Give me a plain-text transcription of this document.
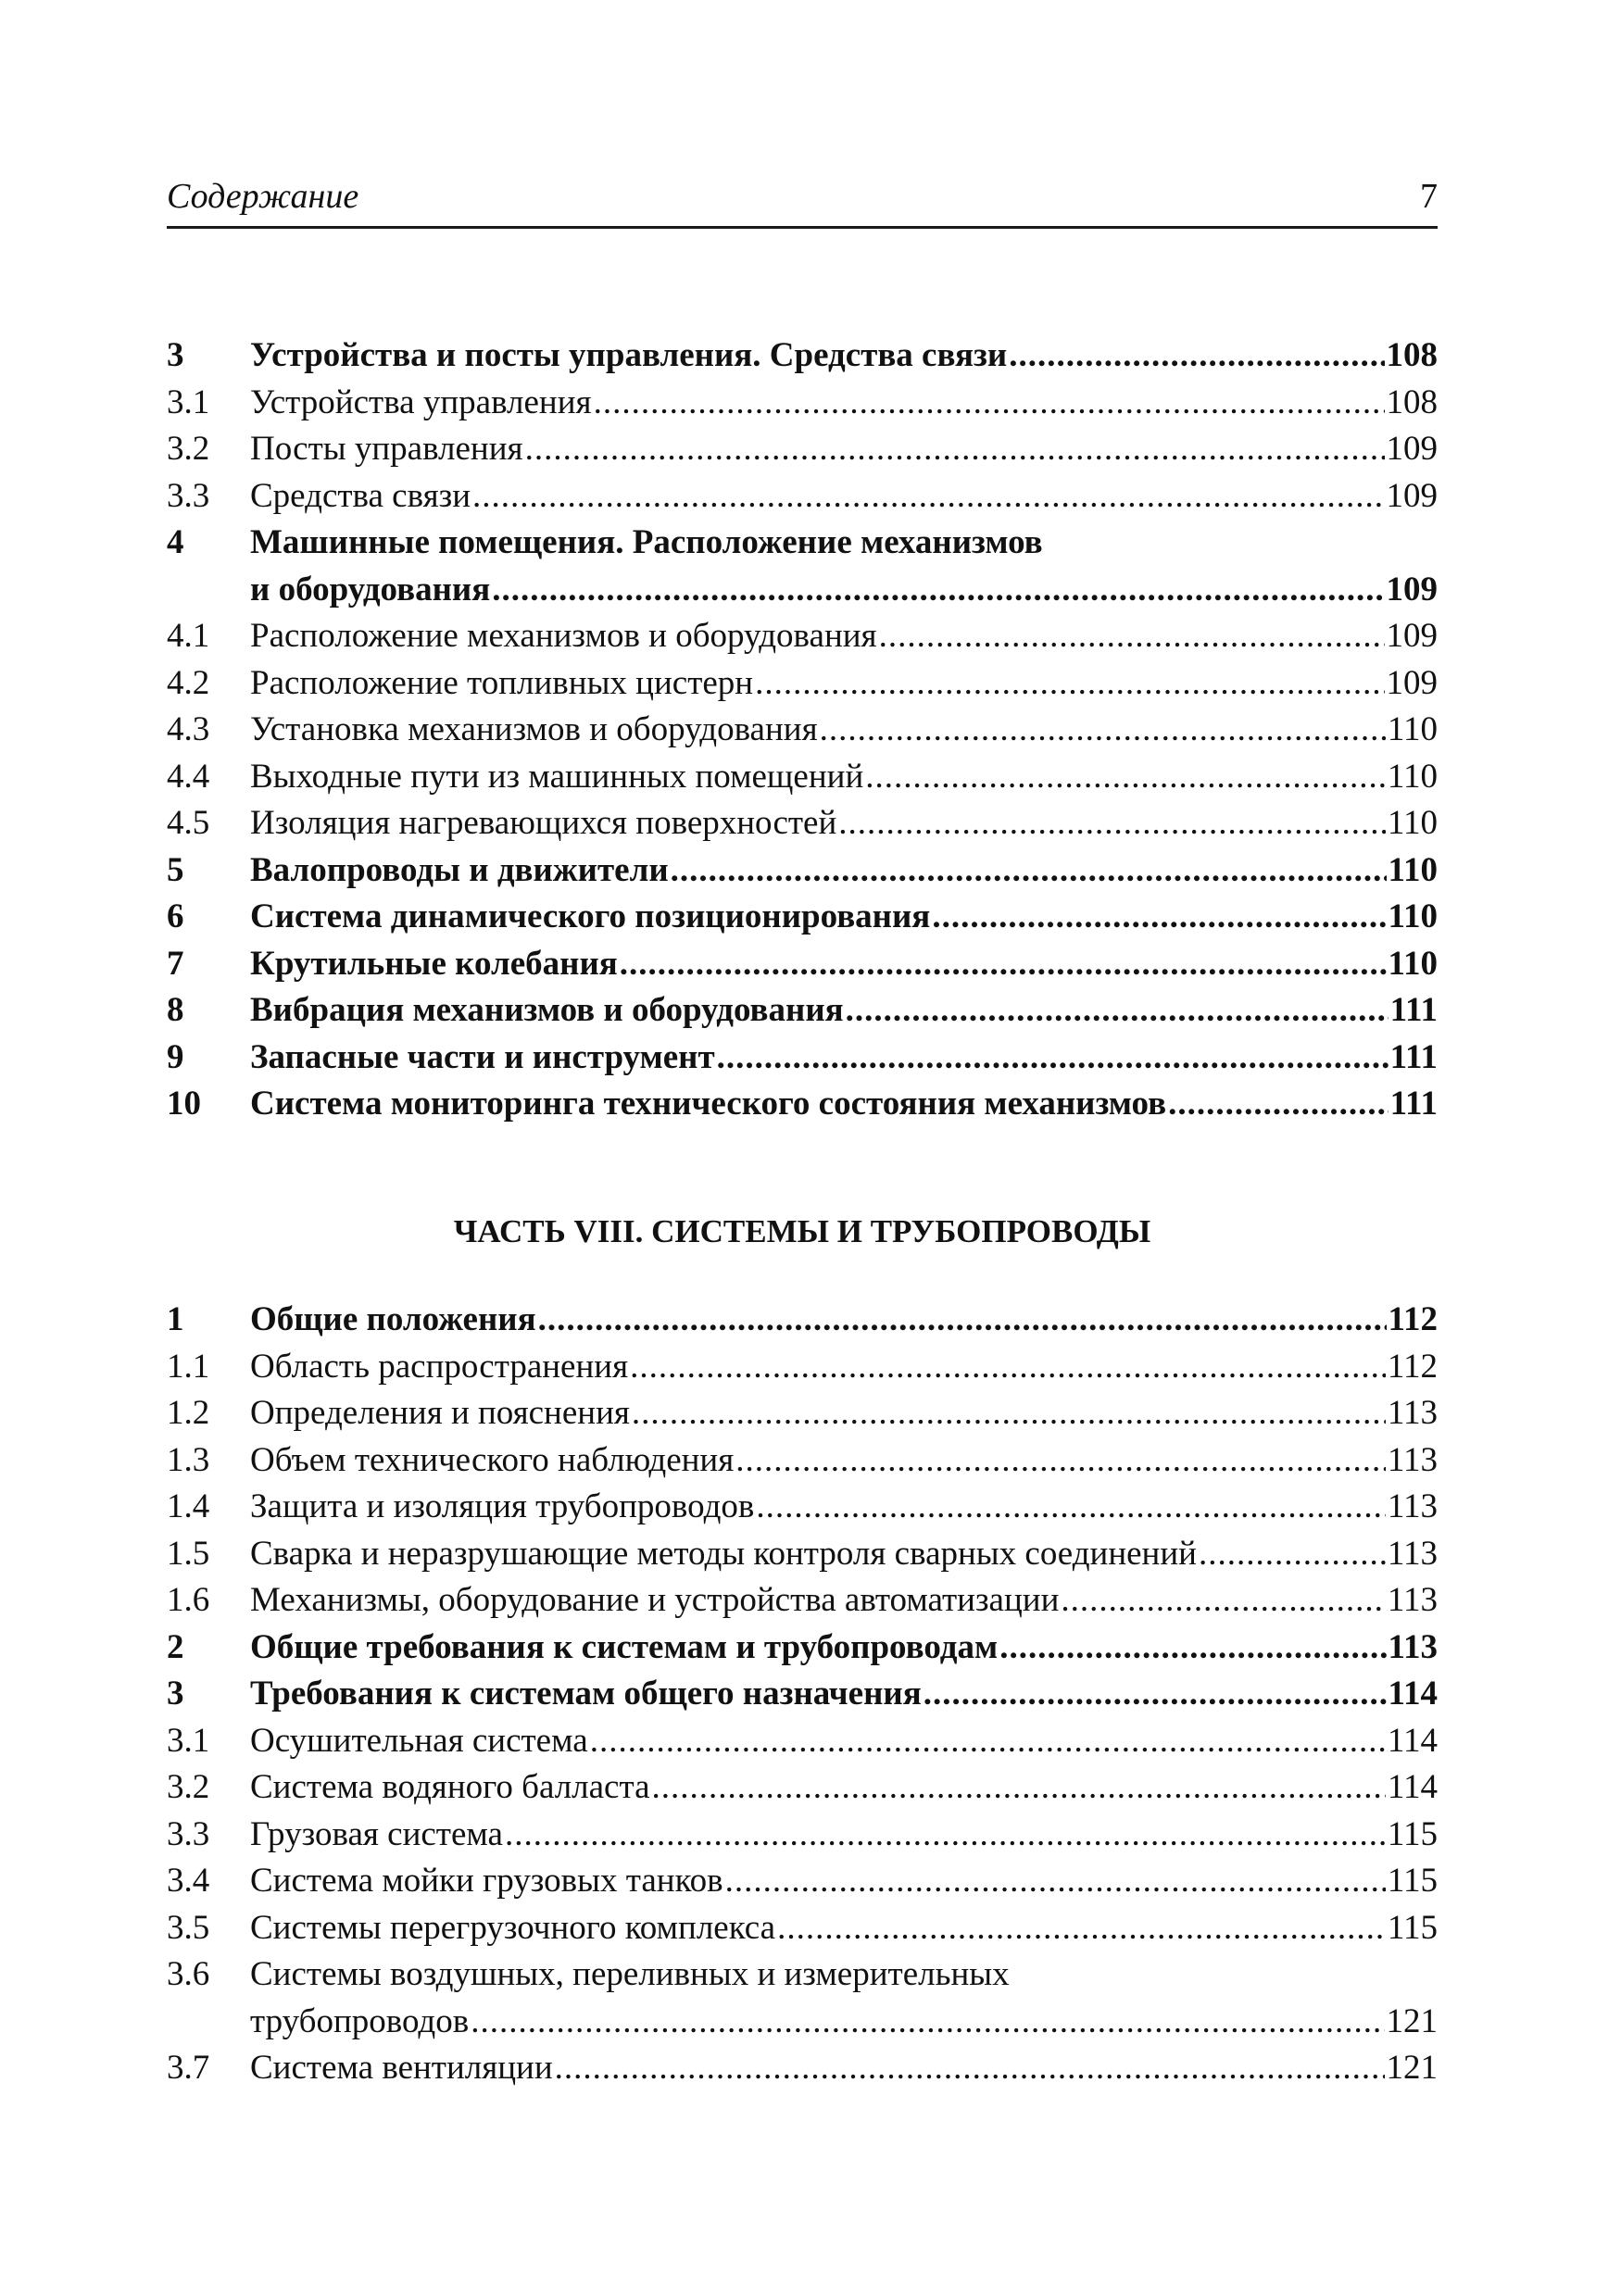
Содержание	7
3 Устройства и посты управления. Средства связи .....	108
3.1 Устройства управления .....	108
3.2 Посты управления .....	109
3.3 Средства связи .....	109
4 Машинные помещения. Расположение механизмов
и оборудования .....	109
4.1 Расположение механизмов и оборудования .....	109
4.2 Расположение топливных цистерн .....	109
4.3 Установка механизмов и оборудования .....	110
4.4 Выходные пути из машинных помещений .....	110
4.5 Изоляция нагревающихся поверхностей .....	110
5 Валопроводы и движители .....	110
6 Система динамического позиционирования .....	110
7 Крутильные колебания .....	110
8 Вибрация механизмов и оборудования .....	111
9 Запасные части и инструмент .....	111
10 Система мониторинга технического состояния механизмов .....	111
ЧАСТЬ VIII. СИСТЕМЫ И ТРУБОПРОВОДЫ
1 Общие положения .....	112
1.1 Область распространения .....	112
1.2 Определения и пояснения .....	113
1.3 Объем технического наблюдения .....	113
1.4 Защита и изоляция трубопроводов .....	113
1.5 Сварка и неразрушающие методы контроля сварных соединений .....	113
1.6 Механизмы, оборудование и устройства автоматизации .....	113
2 Общие требования к системам и трубопроводам .....	113
3 Требования к системам общего назначения .....	114
3.1 Осушительная система .....	114
3.2 Система водяного балласта .....	114
3.3 Грузовая система .....	115
3.4 Система мойки грузовых танков .....	115
3.5 Системы перегрузочного комплекса .....	115
3.6 Системы воздушных, переливных и измерительных
трубопроводов .....	121
3.7 Система вентиляции .....	121
